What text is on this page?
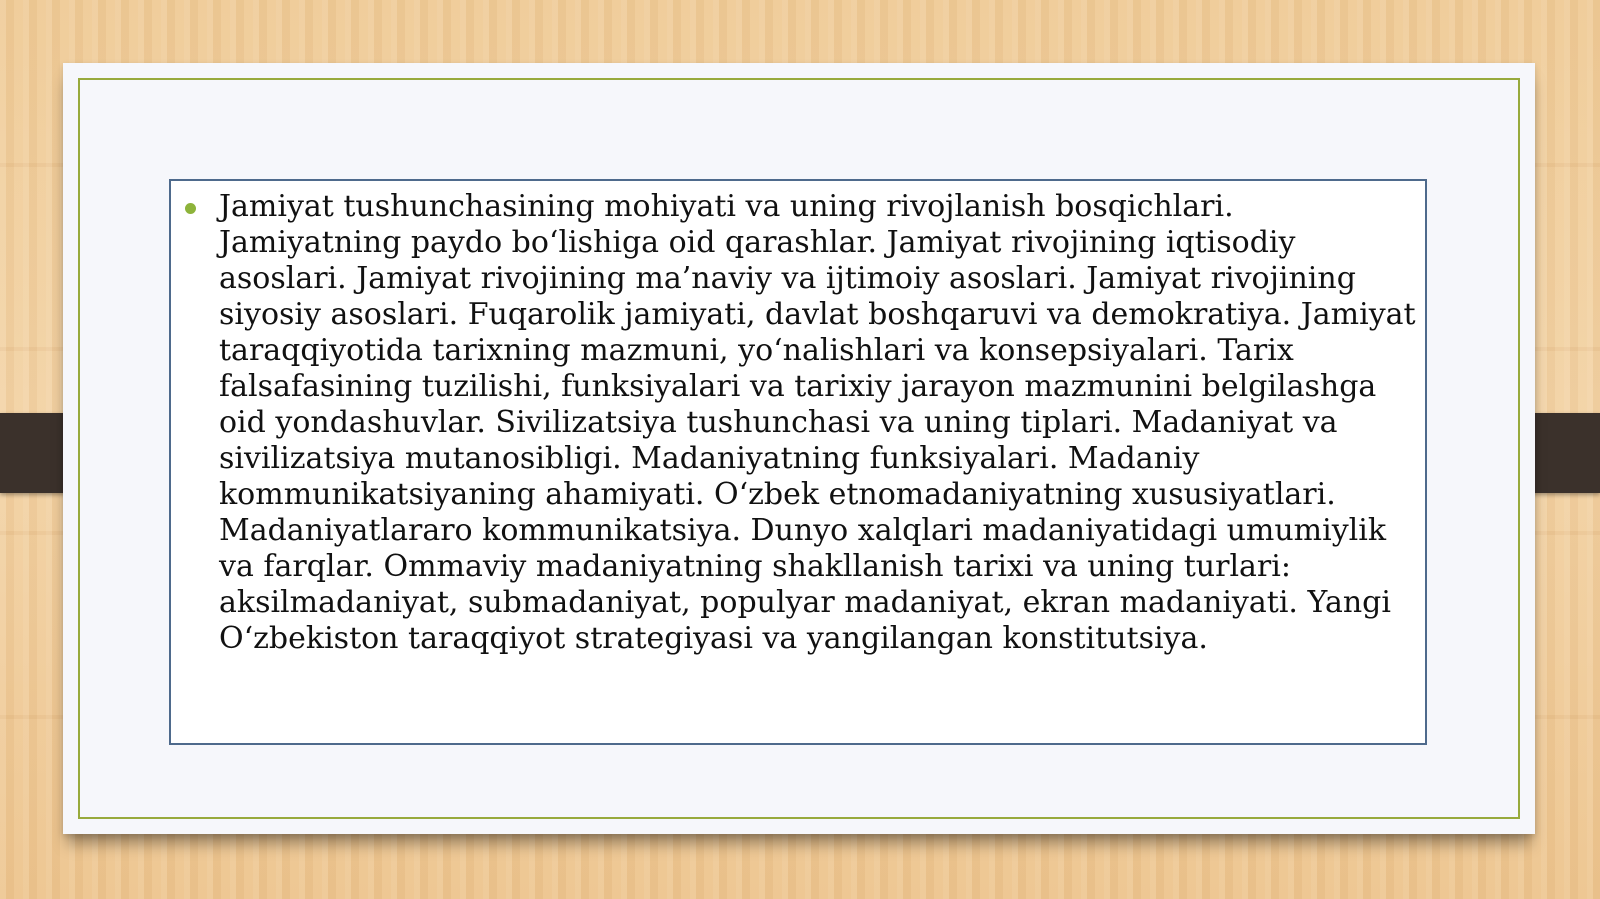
Jamiyat tushunchasining mohiyati va uning rivojlanish bosqichlari. Jamiyatning paydo bo‘lishiga oid qarashlar. Jamiyat rivojining iqtisodiy asoslari. Jamiyat rivojining ma’naviy va ijtimoiy asoslari. Jamiyat rivojining siyosiy asoslari. Fuqarolik jamiyati, davlat boshqaruvi va demokratiya. Jamiyat taraqqiyotida tarixning mazmuni, yo‘nalishlari va konsepsiyalari. Tarix falsafasining tuzilishi, funksiyalari va tarixiy jarayon mazmunini belgilashga oid yondashuvlar. Sivilizatsiya tushunchasi va uning tiplari. Madaniyat va sivilizatsiya mutanosibligi. Madaniyatning funksiyalari. Madaniy kommunikatsiyaning ahamiyati. O‘zbek etnomadaniyatning xususiyatlari. Madaniyatlararo kommunikatsiya. Dunyo xalqlari madaniyatidagi umumiylik va farqlar. Ommaviy madaniyatning shakllanish tarixi va uning turlari: aksilmadaniyat, submadaniyat, populyar madaniyat, ekran madaniyati. Yangi O‘zbekiston taraqqiyot strategiyasi va yangilangan konstitutsiya.
